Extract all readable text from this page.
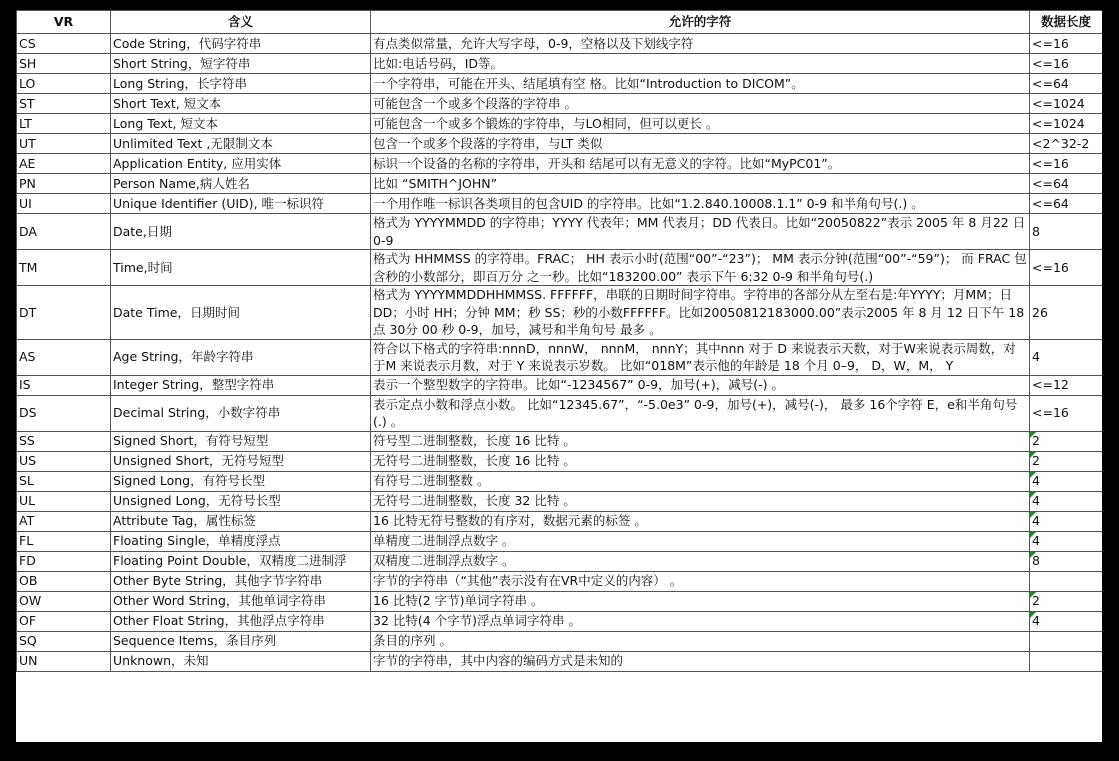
VR	含义	允许的字符	数据长度
CS	Code String，代码字符串	有点类似常量，允许大写字母，0-9，空格以及下划线字符	<=16
SH	Short String，短字符串	比如:电话号码，ID等。	<=16
LO	Long String，长字符串	一个字符串，可能在开头、结尾填有空 格。比如“Introduction to DICOM”。	<=64
ST	Short Text, 短文本	可能包含一个或多个段落的字符串 。	<=1024
LT	Long Text, 短文本	可能包含一个或多个锻炼的字符串，与LO相同，但可以更长 。	<=1024
UT	Unlimited Text ,无限制文本	包含一个或多个段落的字符串，与LT 类似	<2^32-2
AE	Application Entity, 应用实体	标识一个设备的名称的字符串，开头和 结尾可以有无意义的字符。比如“MyPC01”。	<=16
PN	Person Name,病人姓名	比如 “SMITH^JOHN”	<=64
UI	Unique Identifier (UID), 唯一标识符	一个用作唯一标识各类项目的包含UID 的字符串。比如“1.2.840.10008.1.1” 0-9 和半角句号(.) 。	<=64
DA	Date,日期	格式为 YYYYMMDD 的字符串；YYYY 代表年；MM 代表月；DD 代表日。比如“20050822”表示 2005 年 8 月22 日 0-9	8
TM	Time,时间	格式为 HHMMSS 的字符串。FRAC； HH 表示小时(范围“00”-“23”)； MM 表示分钟(范围“00”-“59”)； 而 FRAC 包含秒的小数部分，即百万分 之一秒。比如“183200.00” 表示下午 6:32 0-9 和半角句号(.)	<=16
DT	Date Time，日期时间	格式为 YYYYMMDDHHMMSS. FFFFFF，串联的日期时间字符串。字符串的各部分从左至右是:年YYYY；月MM；日 DD；小时 HH；分钟 MM；秒 SS；秒的小数FFFFFF。比如20050812183000.00”表示2005 年 8 月 12 日下午 18 点 30分 00 秒 0-9，加号，减号和半角句号 最多 。	26
AS	Age String，年龄字符串	符合以下格式的字符串:nnnD，nnnW， nnnM， nnnY；其中nnn 对于 D 来说表示天数，对于W来说表示周数，对于M 来说表示月数，对于 Y 来说表示岁数。 比如“018M”表示他的年龄是 18 个月 0–9， D，W，M， Y	4
IS	Integer String，整型字符串	表示一个整型数字的字符串。比如“-1234567” 0-9，加号(+)，减号(-) 。	<=12
DS	Decimal String，小数字符串	表示定点小数和浮点小数。 比如“12345.67”，“-5.0e3” 0-9，加号(+)，减号(-)， 最多 16个字符 E，e和半角句号(.) 。	<=16
SS	Signed Short，有符号短型	符号型二进制整数，长度 16 比特 。	2
US	Unsigned Short，无符号短型	无符号二进制整数，长度 16 比特 。	2
SL	Signed Long，有符号长型	有符号二进制整数 。	4
UL	Unsigned Long，无符号长型	无符号二进制整数，长度 32 比特 。	4
AT	Attribute Tag，属性标签	16 比特无符号整数的有序对，数据元素的标签 。	4
FL	Floating Single，单精度浮点	单精度二进制浮点数字 。	4
FD	Floating Point Double，双精度二进制浮	双精度二进制浮点数字 。	8
OB	Other Byte String，其他字节字符串	字节的字符串（“其他”表示没有在VR中定义的内容） 。	
OW	Other Word String，其他单词字符串	16 比特(2 字节)单词字符串 。	2
OF	Other Float String，其他浮点字符串	32 比特(4 个字节)浮点单词字符串 。	4
SQ	Sequence Items，条目序列	条目的序列 。	
UN	Unknown，未知	字节的字符串，其中内容的编码方式是未知的	
